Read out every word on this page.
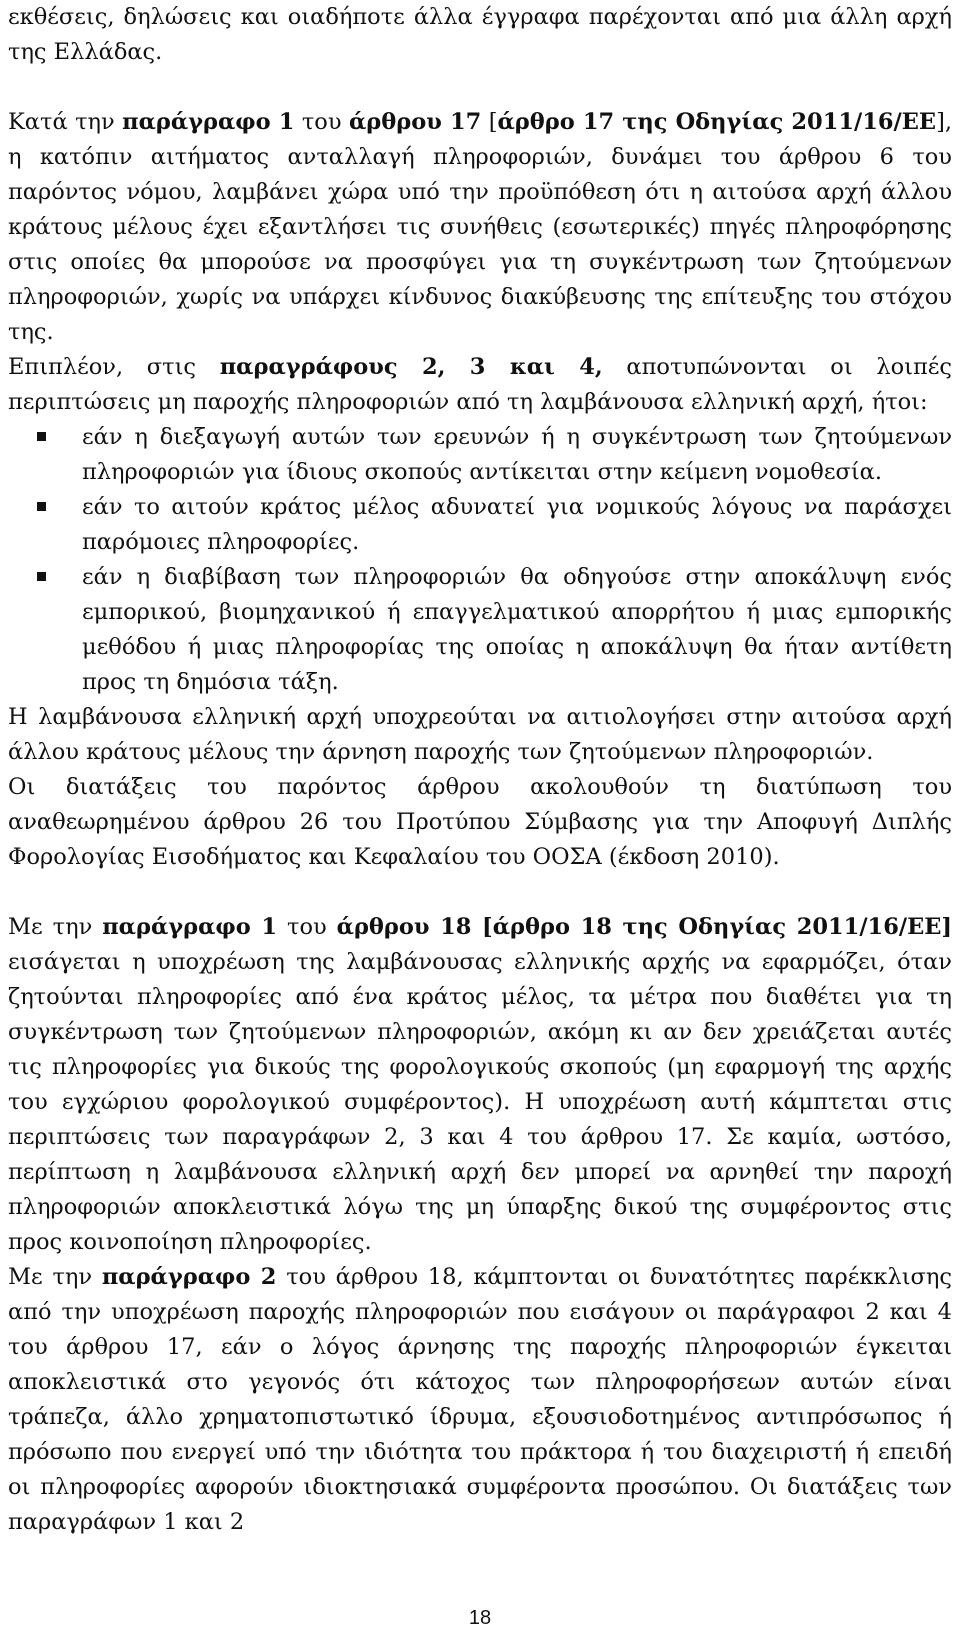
εκθέσεις, δηλώσεις και οιαδήποτε άλλα έγγραφα παρέχονται από μια άλλη αρχή της Ελλάδας.

Κατά την παράγραφο 1 του άρθρου 17 [άρθρο 17 της Οδηγίας 2011/16/ΕΕ], η κατόπιν αιτήματος ανταλλαγή πληροφοριών, δυνάμει του άρθρου 6 του παρόντος νόμου, λαμβάνει χώρα υπό την προϋπόθεση ότι η αιτούσα αρχή άλλου κράτους μέλους έχει εξαντλήσει τις συνήθεις (εσωτερικές) πηγές πληροφόρησης στις οποίες θα μπορούσε να προσφύγει για τη συγκέντρωση των ζητούμενων πληροφοριών, χωρίς να υπάρχει κίνδυνος διακύβευσης της επίτευξης του στόχου της.

Επιπλέον, στις παραγράφους 2, 3 και 4, αποτυπώνονται οι λοιπές περιπτώσεις μη παροχής πληροφοριών από τη λαμβάνουσα ελληνική αρχή, ήτοι:

εάν η διεξαγωγή αυτών των ερευνών ή η συγκέντρωση των ζητούμενων πληροφοριών για ίδιους σκοπούς αντίκειται στην κείμενη νομοθεσία.
εάν το αιτούν κράτος μέλος αδυνατεί για νομικούς λόγους να παράσχει παρόμοιες πληροφορίες.
εάν η διαβίβαση των πληροφοριών θα οδηγούσε στην αποκάλυψη ενός εμπορικού, βιομηχανικού ή επαγγελματικού απορρήτου ή μιας εμπορικής μεθόδου ή μιας πληροφορίας της οποίας η αποκάλυψη θα ήταν αντίθετη προς τη δημόσια τάξη.

Η λαμβάνουσα ελληνική αρχή υποχρεούται να αιτιολογήσει στην αιτούσα αρχή άλλου κράτους μέλους την άρνηση παροχής των ζητούμενων πληροφοριών.

Οι διατάξεις του παρόντος άρθρου ακολουθούν τη διατύπωση του αναθεωρημένου άρθρου 26 του Προτύπου Σύμβασης για την Αποφυγή Διπλής Φορολογίας Εισοδήματος και Κεφαλαίου του ΟΟΣΑ (έκδοση 2010).

Με την παράγραφο 1 του άρθρου 18 [άρθρο 18 της Οδηγίας 2011/16/ΕΕ] εισάγεται η υποχρέωση της λαμβάνουσας ελληνικής αρχής να εφαρμόζει, όταν ζητούνται πληροφορίες από ένα κράτος μέλος, τα μέτρα που διαθέτει για τη συγκέντρωση των ζητούμενων πληροφοριών, ακόμη κι αν δεν χρειάζεται αυτές τις πληροφορίες για δικούς της φορολογικούς σκοπούς (μη εφαρμογή της αρχής του εγχώριου φορολογικού συμφέροντος). Η υποχρέωση αυτή κάμπτεται στις περιπτώσεις των παραγράφων 2, 3 και 4 του άρθρου 17. Σε καμία, ωστόσο, περίπτωση η λαμβάνουσα ελληνική αρχή δεν μπορεί να αρνηθεί την παροχή πληροφοριών αποκλειστικά λόγω της μη ύπαρξης δικού της συμφέροντος στις προς κοινοποίηση πληροφορίες.

Με την παράγραφο 2 του άρθρου 18, κάμπτονται οι δυνατότητες παρέκκλισης από την υποχρέωση παροχής πληροφοριών που εισάγουν οι παράγραφοι 2 και 4 του άρθρου 17, εάν ο λόγος άρνησης της παροχής πληροφοριών έγκειται αποκλειστικά στο γεγονός ότι κάτοχος των πληροφορήσεων αυτών είναι τράπεζα, άλλο χρηματοπιστωτικό ίδρυμα, εξουσιοδοτημένος αντιπρόσωπος ή πρόσωπο που ενεργεί υπό την ιδιότητα του πράκτορα ή του διαχειριστή ή επειδή οι πληροφορίες αφορούν ιδιοκτησιακά συμφέροντα προσώπου. Οι διατάξεις των παραγράφων 1 και 2

18
